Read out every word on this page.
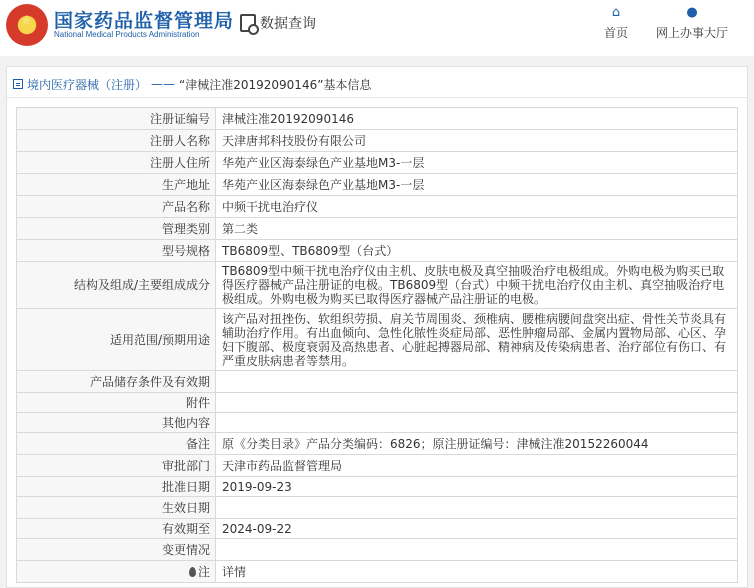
★ 国家药品监督管理局
National Medical Products Administration
数据查询
⌂
首页
●
网上办事大厅
境内医疗器械（注册） —— “津械注准20192090146”基本信息
注册证编号	津械注准20192090146
注册人名称	天津唐邦科技股份有限公司
注册人住所	华苑产业区海泰绿色产业基地M3-一层
生产地址	华苑产业区海泰绿色产业基地M3-一层
产品名称	中频干扰电治疗仪
管理类别	第二类
型号规格	TB6809型、TB6809型（台式）
结构及组成/主要组成成分	TB6809型中频干扰电治疗仪由主机、皮肤电极及真空抽吸治疗电极组成。外购电极为购买已取得医疗器械产品注册证的电极。TB6809型（台式）中频干扰电治疗仪由主机、真空抽吸治疗电极组成。外购电极为购买已取得医疗器械产品注册证的电极。
适用范围/预期用途	该产品对扭挫伤、软组织劳损、肩关节周围炎、颈椎病、腰椎病腰间盘突出症、骨性关节炎具有辅助治疗作用。有出血倾向、急性化脓性炎症局部、恶性肿瘤局部、金属内置物局部、心区、孕妇下腹部、极度衰弱及高热患者、心脏起搏器局部、精神病及传染病患者、治疗部位有伤口、有严重皮肤病患者等禁用。
产品储存条件及有效期	
附件	
其他内容	
备注	原《分类目录》产品分类编码：6826；原注册证编号：津械注准20152260044
审批部门	天津市药品监督管理局
批准日期	2019-09-23
生效日期	
有效期至	2024-09-22
变更情况	
注	详情
